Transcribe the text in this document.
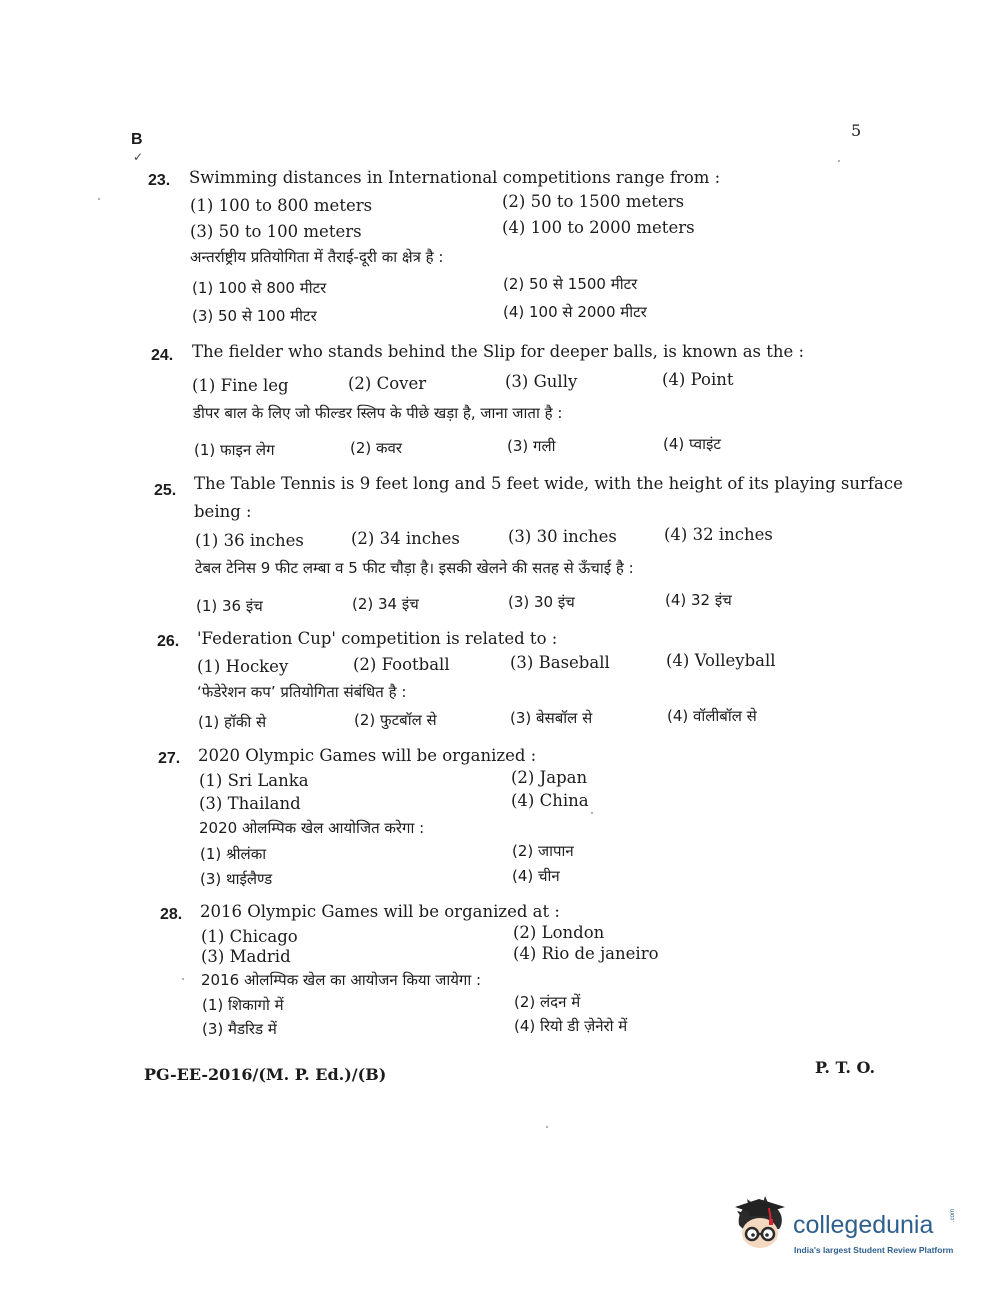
B
✓
5
23. Swimming distances in International competitions range from :
(1) 100 to 800 meters	(2) 50 to 1500 meters
(3) 50 to 100 meters	(4) 100 to 2000 meters
अन्तर्राष्ट्रीय प्रतियोगिता में तैराई-दूरी का क्षेत्र है :
(1) 100 से 800 मीटर	(2) 50 से 1500 मीटर
(3) 50 से 100 मीटर	(4) 100 से 2000 मीटर
24. The fielder who stands behind the Slip for deeper balls, is known as the :
(1) Fine leg	(2) Cover	(3) Gully	(4) Point
डीपर बाल के लिए जो फील्डर स्लिप के पीछे खड़ा है, जाना जाता है :
(1) फाइन लेग	(2) कवर	(3) गली	(4) प्वाइंट
25. The Table Tennis is 9 feet long and 5 feet wide, with the height of its playing surface
being :
(1) 36 inches	(2) 34 inches	(3) 30 inches	(4) 32 inches
टेबल टेनिस 9 फीट लम्बा व 5 फीट चौड़ा है। इसकी खेलने की सतह से ऊँचाई है :
(1) 36 इंच	(2) 34 इंच	(3) 30 इंच	(4) 32 इंच
26. 'Federation Cup' competition is related to :
(1) Hockey	(2) Football	(3) Baseball	(4) Volleyball
‘फेडेरेशन कप’ प्रतियोगिता संबंधित है :
(1) हॉकी से	(2) फुटबॉल से	(3) बेसबॉल से	(4) वॉलीबॉल से
27. 2020 Olympic Games will be organized :
(1) Sri Lanka	(2) Japan
(3) Thailand	(4) China
2020 ओलम्पिक खेल आयोजित करेगा :
(1) श्रीलंका	(2) जापान
(3) थाईलैण्ड	(4) चीन
28. 2016 Olympic Games will be organized at :
(1) Chicago	(2) London
(3) Madrid	(4) Rio de janeiro
2016 ओलम्पिक खेल का आयोजन किया जायेगा :
(1) शिकागो में	(2) लंदन में
(3) मैडरिड में	(4) रियो डी ज़ेनेरो में
PG-EE-2016/(M. P. Ed.)/(B)	P. T. O.
collegedunia	.com
India's largest Student Review Platform
